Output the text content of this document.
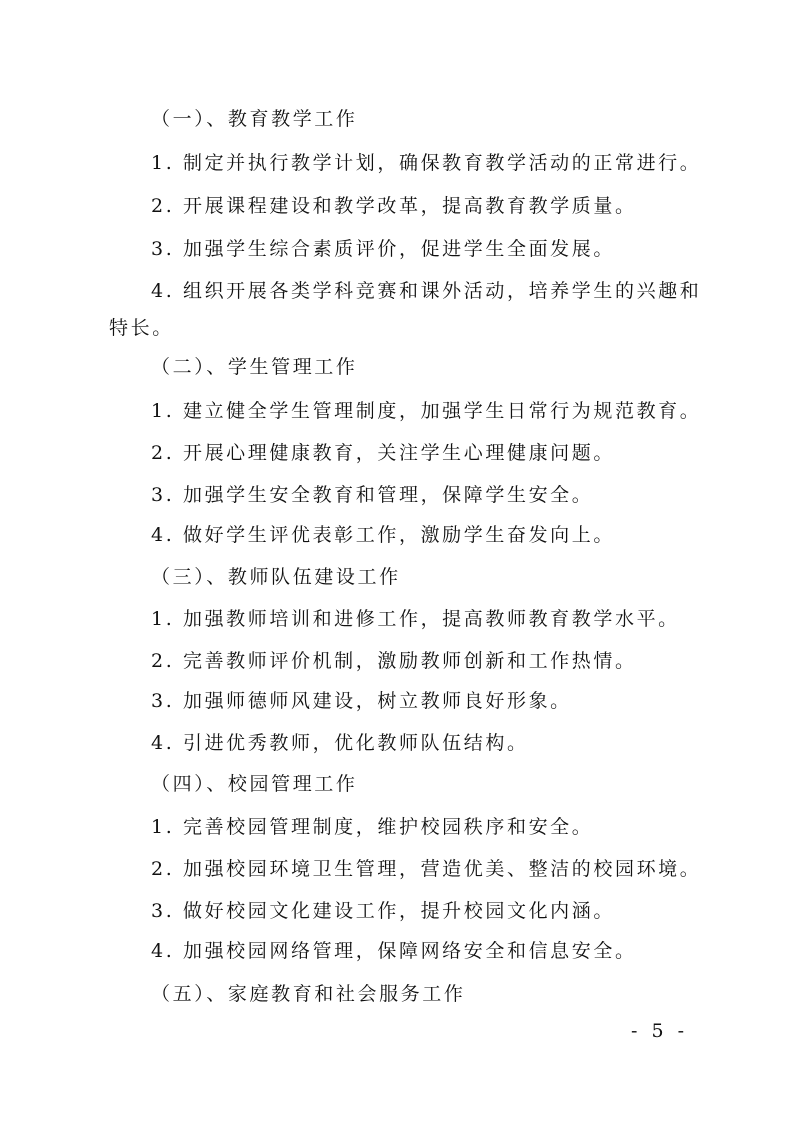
（一）、教育教学工作
1. 制定并执行教学计划，确保教育教学活动的正常进行。
2. 开展课程建设和教学改革，提高教育教学质量。
3. 加强学生综合素质评价，促进学生全面发展。
4. 组织开展各类学科竞赛和课外活动，培养学生的兴趣和
特长。
（二）、学生管理工作
1. 建立健全学生管理制度，加强学生日常行为规范教育。
2. 开展心理健康教育，关注学生心理健康问题。
3. 加强学生安全教育和管理，保障学生安全。
4. 做好学生评优表彰工作，激励学生奋发向上。
（三）、教师队伍建设工作
1. 加强教师培训和进修工作，提高教师教育教学水平。
2. 完善教师评价机制，激励教师创新和工作热情。
3. 加强师德师风建设，树立教师良好形象。
4. 引进优秀教师，优化教师队伍结构。
（四）、校园管理工作
1. 完善校园管理制度，维护校园秩序和安全。
2. 加强校园环境卫生管理，营造优美、整洁的校园环境。
3. 做好校园文化建设工作，提升校园文化内涵。
4. 加强校园网络管理，保障网络安全和信息安全。
（五）、家庭教育和社会服务工作
- 5 -
